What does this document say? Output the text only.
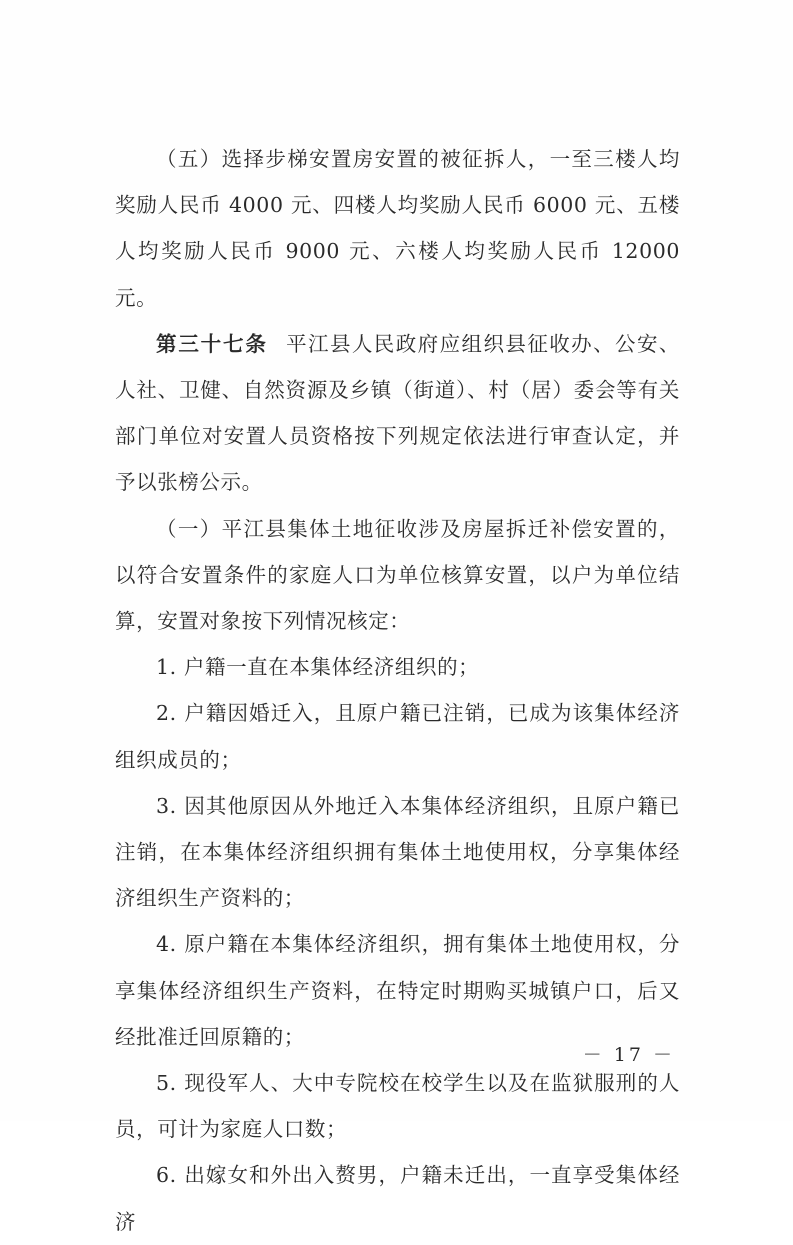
（五）选择步梯安置房安置的被征拆人，一至三楼人均奖励人民币 4000 元、四楼人均奖励人民币 6000 元、五楼人均奖励人民币 9000 元、六楼人均奖励人民币 12000 元。

第三十七条 平江县人民政府应组织县征收办、公安、人社、卫健、自然资源及乡镇（街道）、村（居）委会等有关部门单位对安置人员资格按下列规定依法进行审查认定，并予以张榜公示。

（一）平江县集体土地征收涉及房屋拆迁补偿安置的，以符合安置条件的家庭人口为单位核算安置，以户为单位结算，安置对象按下列情况核定：

1. 户籍一直在本集体经济组织的；

2. 户籍因婚迁入，且原户籍已注销，已成为该集体经济组织成员的；

3. 因其他原因从外地迁入本集体经济组织，且原户籍已注销，在本集体经济组织拥有集体土地使用权，分享集体经济组织生产资料的；

4. 原户籍在本集体经济组织，拥有集体土地使用权，分享集体经济组织生产资料，在特定时期购买城镇户口，后又经批准迁回原籍的；

5. 现役军人、大中专院校在校学生以及在监狱服刑的人员，可计为家庭人口数；

6. 出嫁女和外出入赘男，户籍未迁出，一直享受集体经济

－ 17 －
